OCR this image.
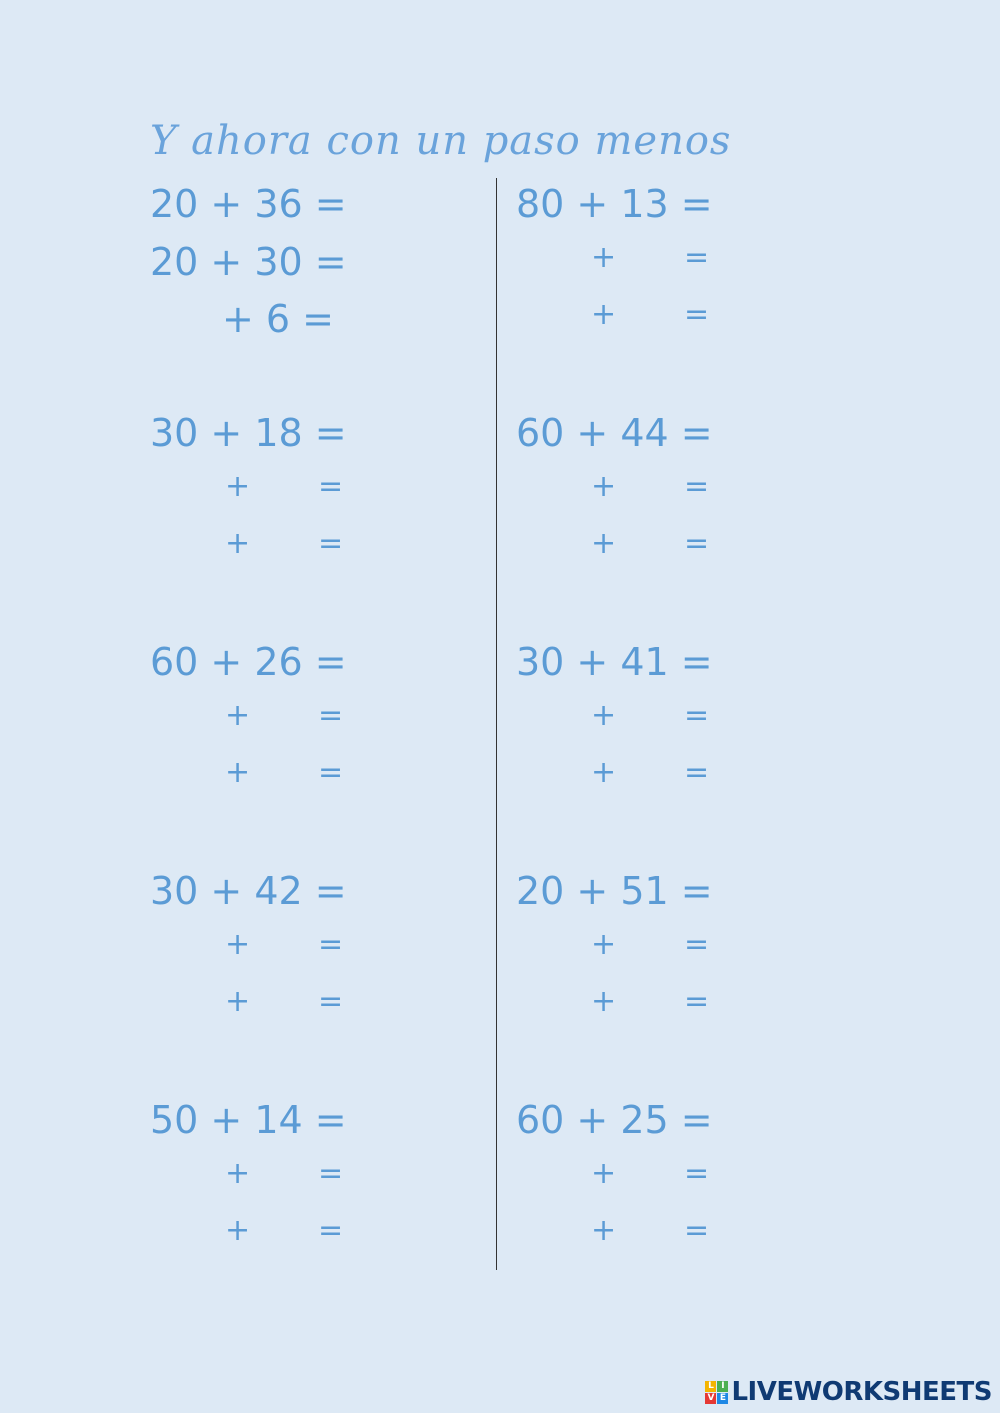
Y ahora con un paso menos
20 + 36 =
20 + 30 =
+ 6 =
80 + 13 =
+ =
+ =
30 + 18 =
+ =
+ =
60 + 44 =
+ =
+ =
60 + 26 =
+ =
+ =
30 + 41 =
+ =
+ =
30 + 42 =
+ =
+ =
20 + 51 =
+ =
+ =
50 + 14 =
+ =
+ =
60 + 25 =
+ =
+ =
L I
V E LIVEWORKSHEETS
